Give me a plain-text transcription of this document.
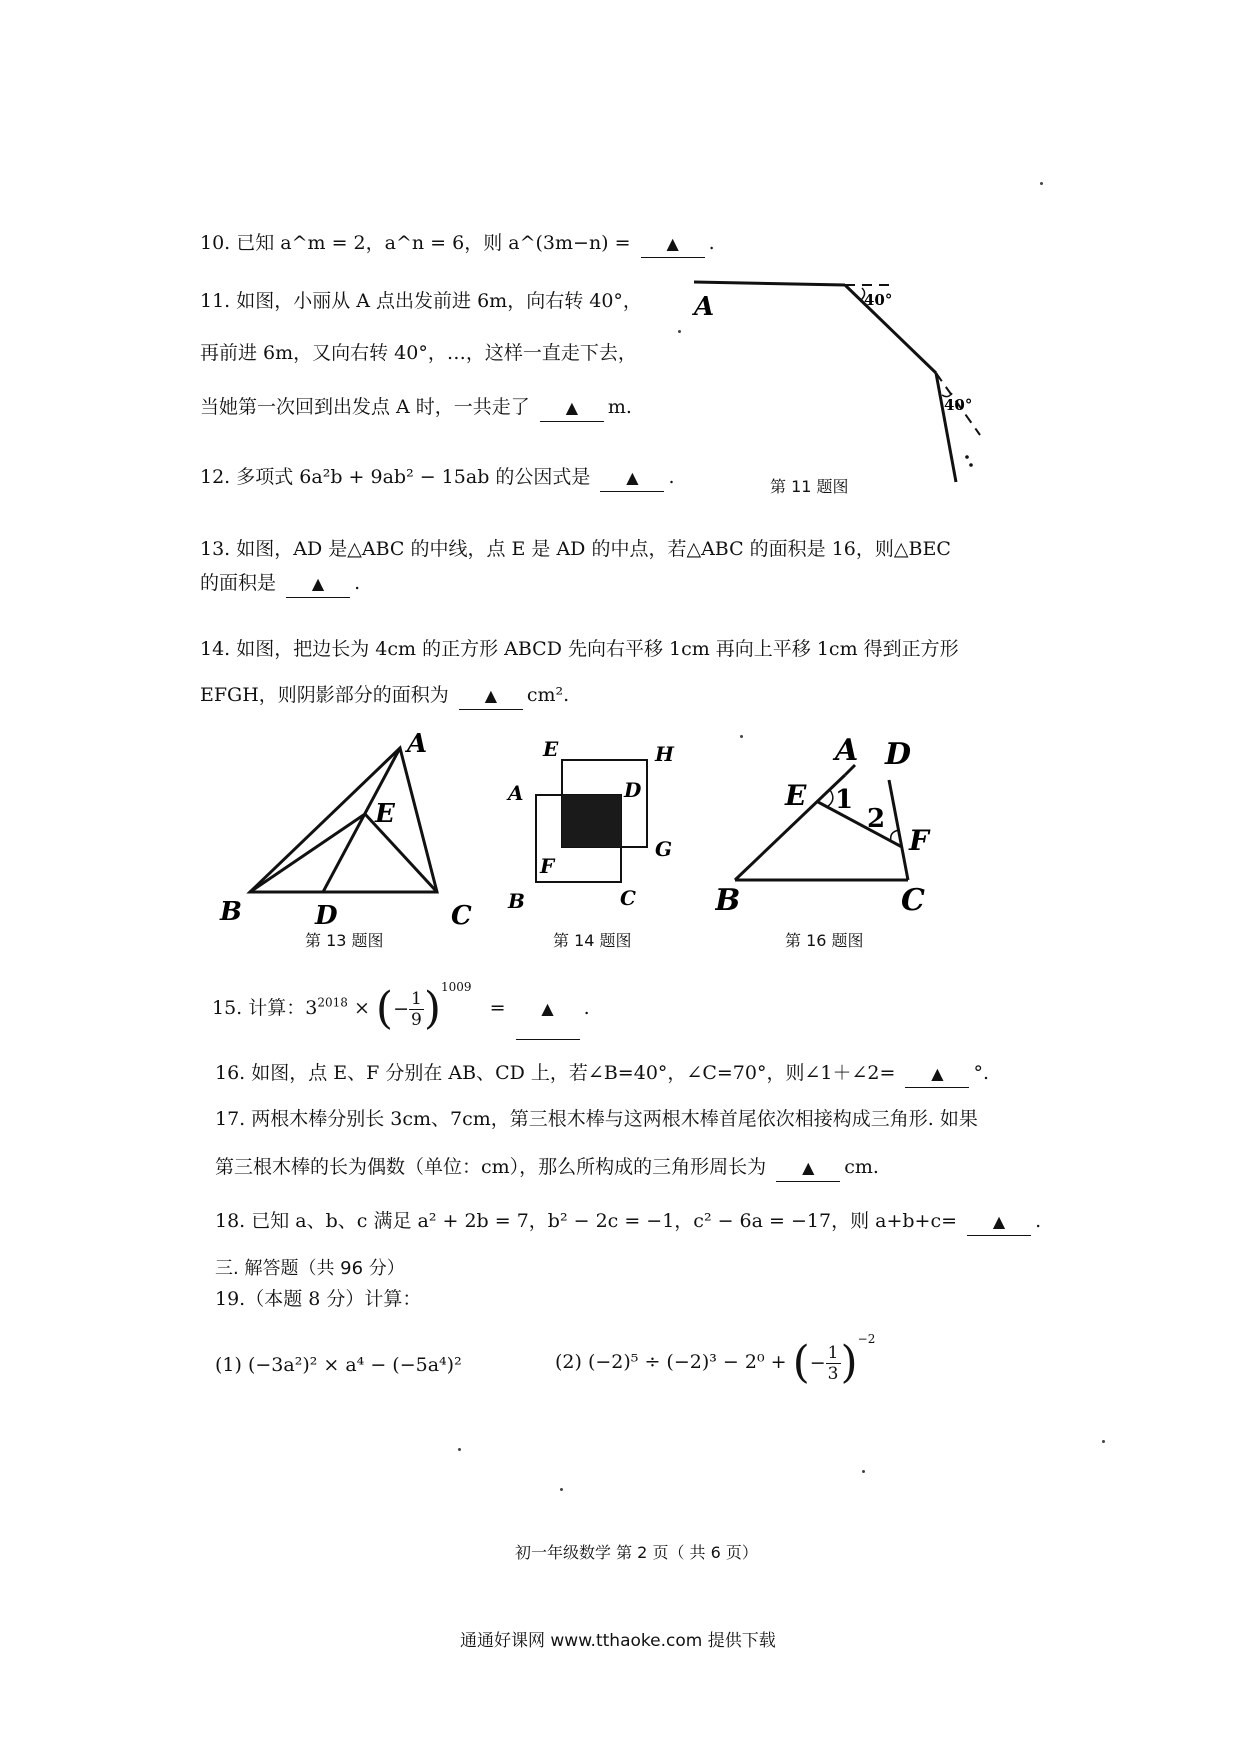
10. 已知 a^m = 2，a^n = 6，则 a^(3m−n) = ▲ .
11. 如图，小丽从 A 点出发前进 6m，向右转 40°，
再前进 6m，又向右转 40°，…，这样一直走下去，
当她第一次回到出发点 A 时，一共走了 ▲ m.
A	40°
40°
第 11 题图
12. 多项式 6a²b + 9ab² − 15ab 的公因式是 ▲ .
13. 如图，AD 是△ABC 的中线，点 E 是 AD 的中点，若△ABC 的面积是 16，则△BEC
的面积是 ▲ .
14. 如图，把边长为 4cm 的正方形 ABCD 先向右平移 1cm 再向上平移 1cm 得到正方形
EFGH，则阴影部分的面积为 ▲ cm².
A
E
B	D	C
第 13 题图
E	H
A	D
G
F
B	C
第 14 题图
A D
E 1
2
F
B	C
第 16 题图
15. 计算：$3^{2018}$ × (− $\frac{1}{9} )^{1009}$ = ▲ .
16. 如图，点 E、F 分别在 AB、CD 上，若∠B=40°，∠C=70°，则∠1＋∠2= ▲ °.
17. 两根木棒分别长 3cm、7cm，第三根木棒与这两根木棒首尾依次相接构成三角形. 如果
第三根木棒的长为偶数（单位：cm），那么所构成的三角形周长为 ▲ cm.
18. 已知 a、b、c 满足 a² + 2b = 7，b² − 2c = −1，c² − 6a = −17，则 a+b+c= ▲ .
三. 解答题（共 96 分）
19.（本题 8 分）计算：
(1) (−3a²)² × a⁴ − (−5a⁴)²	(2) (−2)⁵ ÷ (−2)³ − 2⁰ + (− $\frac{1}{3} )^{-2}$
初一年级数学 第 2 页（ 共 6 页）
通通好课网 www.tthaoke.com 提供下载
